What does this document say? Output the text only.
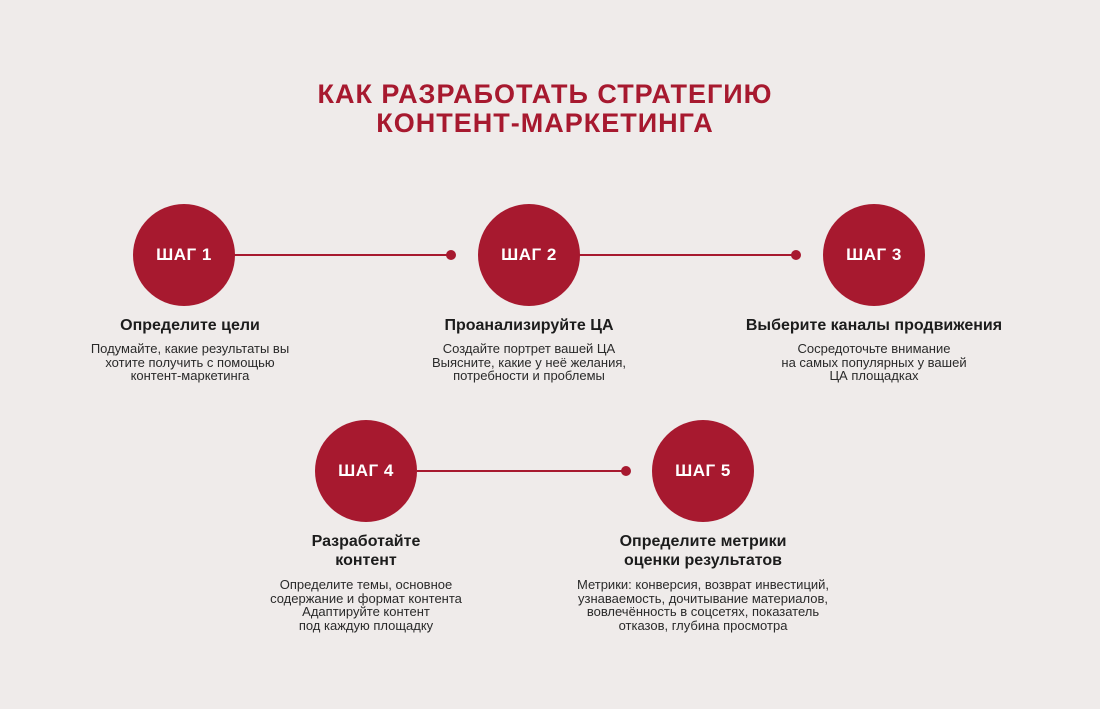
КАК РАЗРАБОТАТЬ СТРАТЕГИЮ
КОНТЕНТ-МАРКЕТИНГА
ШАГ 1	ШАГ 2	ШАГ 3
ШАГ 4	ШАГ 5
Определите цели

Подумайте, какие результаты вы
хотите получить с помощью
контент-маркетинга

Проанализируйте ЦА

Создайте портрет вашей ЦА
Выясните, какие у неё желания,
потребности и проблемы

Выберите каналы продвижения

Сосредоточьте внимание
на самых популярных у вашей
ЦА площадках

Разработайте
контент

Определите темы, основное
содержание и формат контента
Адаптируйте контент
под каждую площадку

Определите метрики
оценки результатов

Метрики: конверсия, возврат инвестиций,
узнаваемость, дочитывание материалов,
вовлечённость в соцсетях, показатель
отказов, глубина просмотра
